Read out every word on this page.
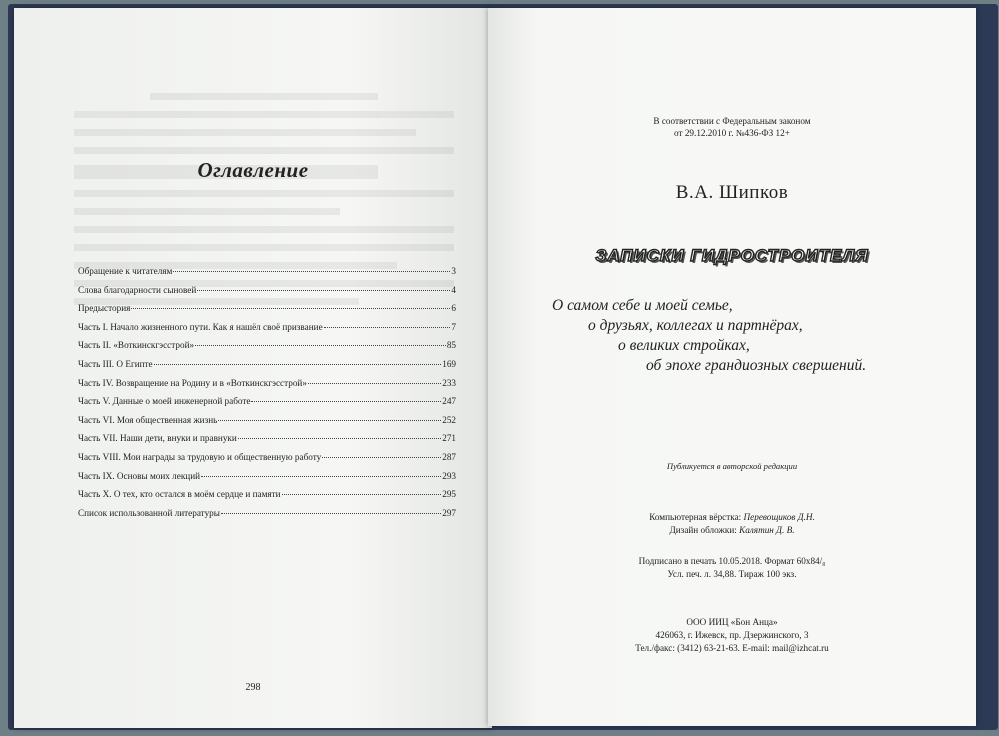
Оглавление
Обращение к читателям	3
Слова благодарности сыновей	4
Предыстория	6
Часть I. Начало жизненного пути. Как я нашёл своё призвание	7
Часть II. «Воткинскгэсстрой»	85
Часть III. О Египте	169
Часть IV. Возвращение на Родину и в «Воткинскгэсстрой»	233
Часть V. Данные о моей инженерной работе	247
Часть VI. Моя общественная жизнь	252
Часть VII. Наши дети, внуки и правнуки	271
Часть VIII. Мои награды за трудовую и общественную работу	287
Часть IX. Основы моих лекций	293
Часть X. О тех, кто остался в моём сердце и памяти	295
Список использованной литературы	297
298
В соответствии с Федеральным законом
от 29.12.2010 г. №436-ФЗ 12+
В.А. Шипков
ЗАПИСКИ ГИДРОСТРОИТЕЛЯ
О самом себе и моей семье,
о друзьях, коллегах и партнёрах,
о великих стройках,
об эпохе грандиозных свершений.
Публикуется в авторской редакции
Компьютерная вёрстка: Перевощиков Д.Н.
Дизайн обложки: Калятин Д. В.
Подписано в печать 10.05.2018. Формат 60х84/₈
Усл. печ. л. 34,88. Тираж 100 экз.
ООО ИИЦ «Бон Анца»
426063, г. Ижевск, пр. Дзержинского, 3
Тел./факс: (3412) 63-21-63. E-mail: mail@izhcat.ru
